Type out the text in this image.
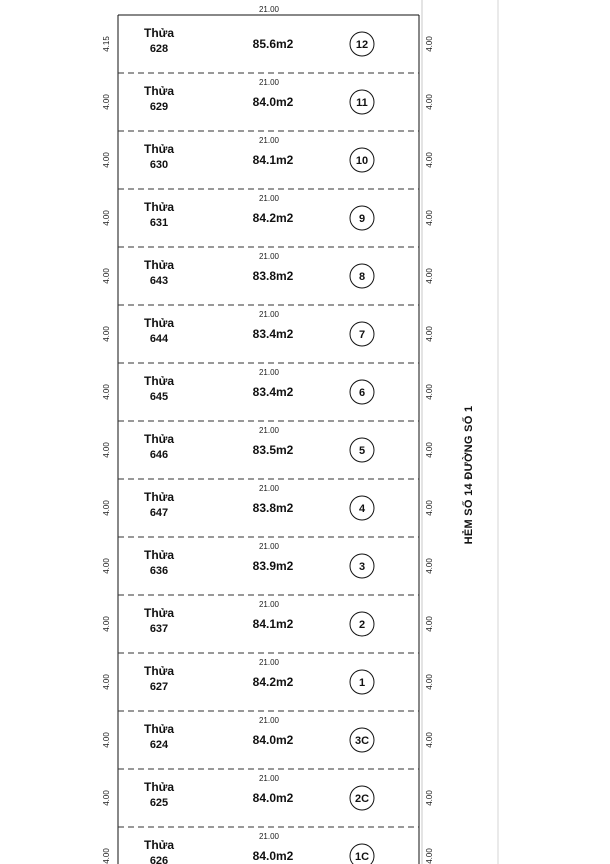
21.00
HẺM SỐ 14 ĐƯỜNG SỐ 1
Thửa
628	85.6m2	12
4.15	4.00
21.00
Thửa
629	84.0m2	11
4.00	4.00
21.00
Thửa
630	84.1m2	10
4.00	4.00
21.00
Thửa
631	84.2m2	9
4.00	4.00
21.00
Thửa
643	83.8m2	8
4.00	4.00
21.00
Thửa
644	83.4m2	7
4.00	4.00
21.00
Thửa
645	83.4m2	6
4.00	4.00
21.00
Thửa
646	83.5m2	5
4.00	4.00
21.00
Thửa
647	83.8m2	4
4.00	4.00
21.00
Thửa
636	83.9m2	3
4.00	4.00
21.00
Thửa
637	84.1m2	2
4.00	4.00
21.00
Thửa
627	84.2m2	1
4.00	4.00
21.00
Thửa
624	84.0m2	3C
4.00	4.00
21.00
Thửa
625	84.0m2	2C
4.00	4.00
21.00
Thửa
626	84.0m2	1C
4.00	4.00
